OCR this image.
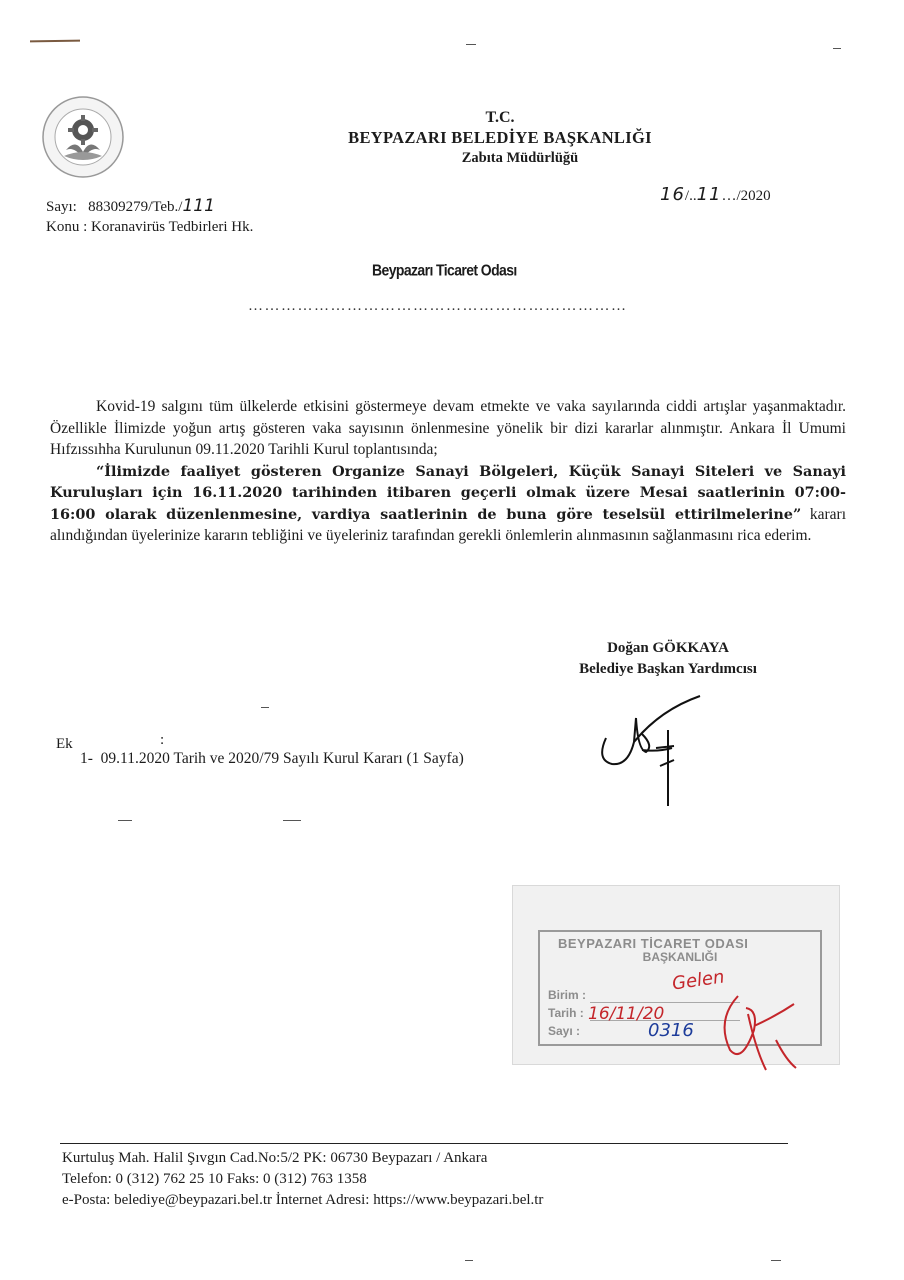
T.C.
BEYPAZARI BELEDİYE BAŞKANLIĞI
Zabıta Müdürlüğü
Sayı: 88309279/Teb./111
Konu : Koranavirüs Tedbirleri Hk.
16/..11…/2020
Beypazarı Ticaret Odası
……………………………………………………………

Kovid-19 salgını tüm ülkelerde etkisini göstermeye devam etmekte ve vaka sayılarında ciddi artışlar yaşanmaktadır. Özellikle İlimizde yoğun artış gösteren vaka sayısının önlenmesine yönelik bir dizi kararlar alınmıştır. Ankara İl Umumi Hıfzıssıhha Kurulunun 09.11.2020 Tarihli Kurul toplantısında;

“İlimizde faaliyet gösteren Organize Sanayi Bölgeleri, Küçük Sanayi Siteleri ve Sanayi Kuruluşları için 16.11.2020 tarihinden itibaren geçerli olmak üzere Mesai saatlerinin 07:00- 16:00 olarak düzenlenmesine, vardiya saatlerinin de buna göre teselsül ettirilmelerine” kararı alındığından üyelerinize kararın tebliğini ve üyeleriniz tarafından gerekli önlemlerin alınmasının sağlanmasını rica ederim.

Doğan GÖKKAYA
Belediye Başkan Yardımcısı
Ek	:
1- 09.11.2020 Tarih ve 2020/79 Sayılı Kurul Kararı (1 Sayfa)
BEYPAZARI TİCARET ODASI
BAŞKANLIĞI
Birim :
Tarih :
Sayı :
Gelen
16/11/20
0316
Kurtuluş Mah. Halil Şıvgın Cad.No:5/2 PK: 06730 Beypazarı / Ankara
Telefon: 0 (312) 762 25 10 Faks: 0 (312) 763 1358
e-Posta: belediye@beypazari.bel.tr İnternet Adresi: https://www.beypazari.bel.tr
